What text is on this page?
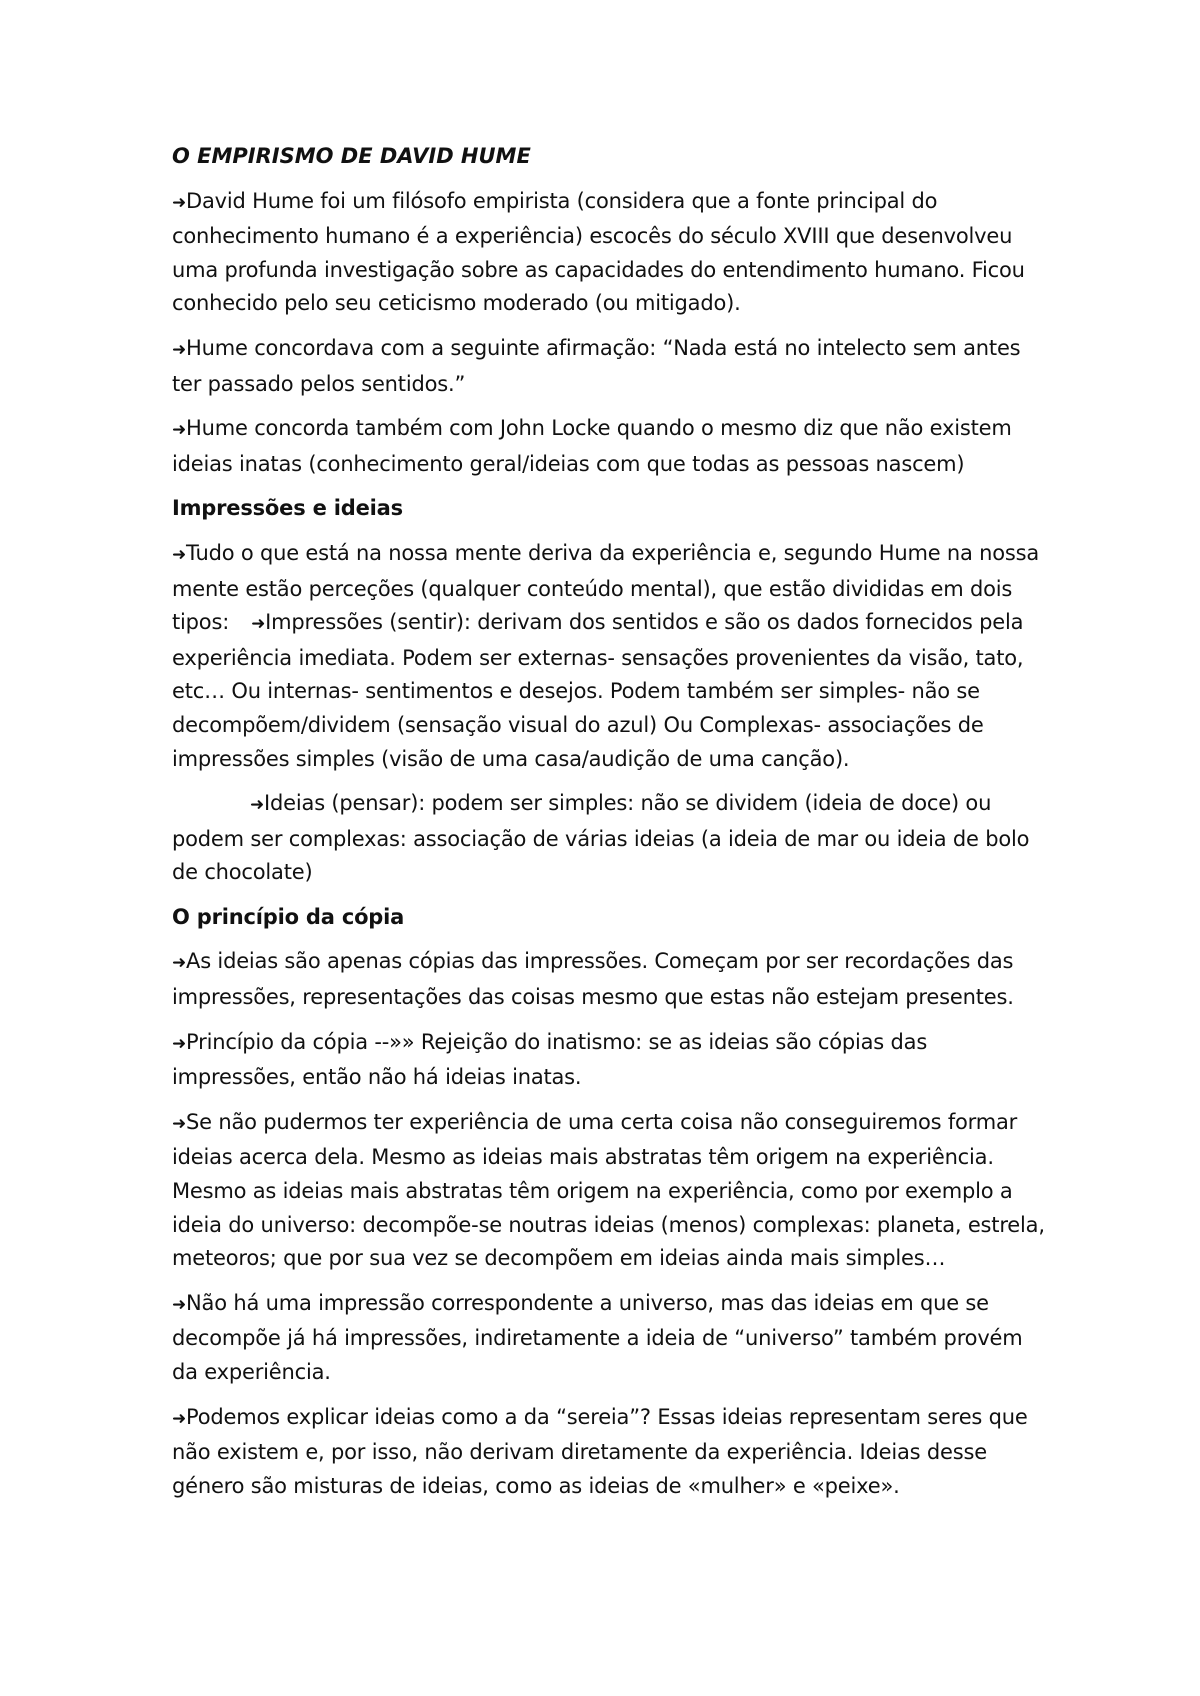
O EMPIRISMO DE DAVID HUME
➜David Hume foi um filósofo empirista (considera que a fonte principal do conhecimento humano é a experiência) escocês do século XVIII que desenvolveu uma profunda investigação sobre as capacidades do entendimento humano. Ficou conhecido pelo seu ceticismo moderado (ou mitigado).
➜Hume concordava com a seguinte afirmação: “Nada está no intelecto sem antes ter passado pelos sentidos.”
➜Hume concorda também com John Locke quando o mesmo diz que não existem ideias inatas (conhecimento geral/ideias com que todas as pessoas nascem)
Impressões e ideias
➜Tudo o que está na nossa mente deriva da experiência e, segundo Hume na nossa mente estão perceções (qualquer conteúdo mental), que estão divididas em dois tipos: ➜Impressões (sentir): derivam dos sentidos e são os dados fornecidos pela experiência imediata. Podem ser externas- sensações provenientes da visão, tato, etc… Ou internas- sentimentos e desejos. Podem também ser simples- não se decompõem/dividem (sensação visual do azul) Ou Complexas- associações de impressões simples (visão de uma casa/audição de uma canção).
➜Ideias (pensar): podem ser simples: não se dividem (ideia de doce) ou podem ser complexas: associação de várias ideias (a ideia de mar ou ideia de bolo de chocolate)
O princípio da cópia
➜As ideias são apenas cópias das impressões. Começam por ser recordações das impressões, representações das coisas mesmo que estas não estejam presentes.
➜Princípio da cópia --»» Rejeição do inatismo: se as ideias são cópias das impressões, então não há ideias inatas.
➜Se não pudermos ter experiência de uma certa coisa não conseguiremos formar ideias acerca dela. Mesmo as ideias mais abstratas têm origem na experiência. Mesmo as ideias mais abstratas têm origem na experiência, como por exemplo a ideia do universo: decompõe-se noutras ideias (menos) complexas: planeta, estrela, meteoros; que por sua vez se decompõem em ideias ainda mais simples…
➜Não há uma impressão correspondente a universo, mas das ideias em que se decompõe já há impressões, indiretamente a ideia de “universo” também provém da experiência.
➜Podemos explicar ideias como a da “sereia”? Essas ideias representam seres que não existem e, por isso, não derivam diretamente da experiência. Ideias desse género são misturas de ideias, como as ideias de «mulher» e «peixe».
